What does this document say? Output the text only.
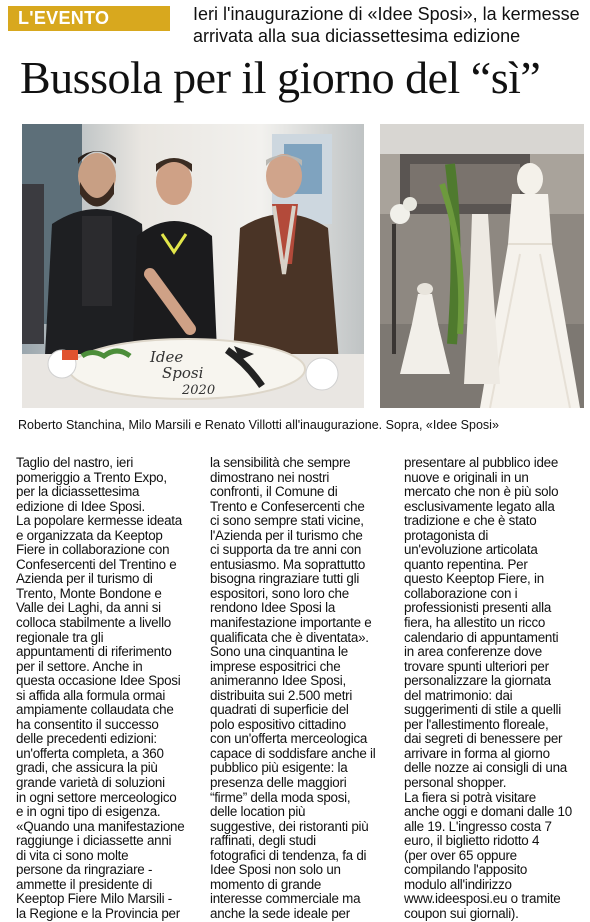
L'EVENTO	Ieri l'inaugurazione di «Idee Sposi», la kermesse
arrivata alla sua diciassettesima edizione
Bussola per il giorno del “sì”
Idee
Sposi
2020
Roberto Stanchina, Milo Marsili e Renato Villotti all'inaugurazione. Sopra, «Idee Sposi»

Taglio del nastro, ieri

pomeriggio a Trento Expo,

per la diciassettesima

edizione di Idee Sposi.

La popolare kermesse ideata

e organizzata da Keeptop

Fiere in collaborazione con

Confesercenti del Trentino e

Azienda per il turismo di

Trento, Monte Bondone e

Valle dei Laghi, da anni si

colloca stabilmente a livello

regionale tra gli

appuntamenti di riferimento

per il settore. Anche in

questa occasione Idee Sposi

si affida alla formula ormai

ampiamente collaudata che

ha consentito il successo

delle precedenti edizioni:

un'offerta completa, a 360

gradi, che assicura la più

grande varietà di soluzioni

in ogni settore merceologico

e in ogni tipo di esigenza.

«Quando una manifestazione

raggiunge i diciassette anni

di vita ci sono molte

persone da ringraziare -

ammette il presidente di

Keeptop Fiere Milo Marsili -

la Regione e la Provincia per

la sensibilità che sempre

dimostrano nei nostri

confronti, il Comune di

Trento e Confesercenti che

ci sono sempre stati vicine,

l'Azienda per il turismo che

ci supporta da tre anni con

entusiasmo. Ma soprattutto

bisogna ringraziare tutti gli

espositori, sono loro che

rendono Idee Sposi la

manifestazione importante e

qualificata che è diventata».

Sono una cinquantina le

imprese espositrici che

animeranno Idee Sposi,

distribuita sui 2.500 metri

quadrati di superficie del

polo espositivo cittadino

con un'offerta merceologica

capace di soddisfare anche il

pubblico più esigente: la

presenza delle maggiori

“firme” della moda sposi,

delle location più

suggestive, dei ristoranti più

raffinati, degli studi

fotografici di tendenza, fa di

Idee Sposi non solo un

momento di grande

interesse commerciale ma

anche la sede ideale per

presentare al pubblico idee

nuove e originali in un

mercato che non è più solo

esclusivamente legato alla

tradizione e che è stato

protagonista di

un'evoluzione articolata

quanto repentina. Per

questo Keeptop Fiere, in

collaborazione con i

professionisti presenti alla

fiera, ha allestito un ricco

calendario di appuntamenti

in area conferenze dove

trovare spunti ulteriori per

personalizzare la giornata

del matrimonio: dai

suggerimenti di stile a quelli

per l'allestimento floreale,

dai segreti di benessere per

arrivare in forma al giorno

delle nozze ai consigli di una

personal shopper.

La fiera si potrà visitare

anche oggi e domani dalle 10

alle 19. L'ingresso costa 7

euro, il biglietto ridotto 4

(per over 65 oppure

compilando l'apposito

modulo all'indirizzo

www.ideesposi.eu o tramite

coupon sui giornali).
